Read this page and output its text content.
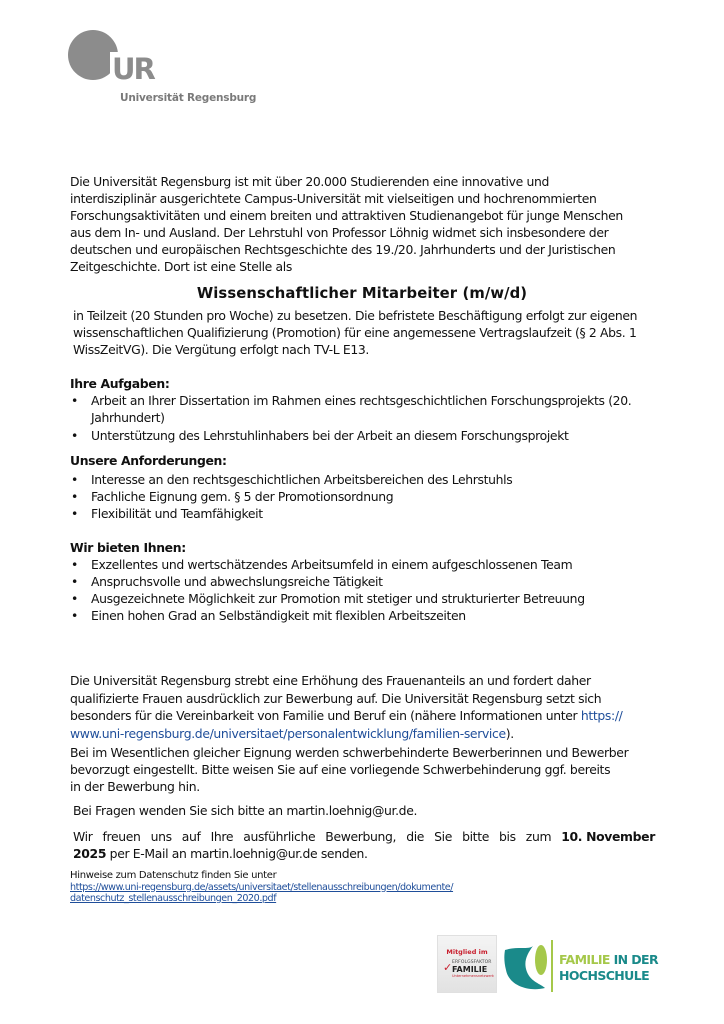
UR
Universität Regensburg
Die Universität Regensburg ist mit über 20.000 Studierenden eine innovative und
interdisziplinär ausgerichtete Campus-Universität mit vielseitigen und hochrenommierten
Forschungsaktivitäten und einem breiten und attraktiven Studienangebot für junge Menschen
aus dem In- und Ausland. Der Lehrstuhl von Professor Löhnig widmet sich insbesondere der
deutschen und europäischen Rechtsgeschichte des 19./20. Jahrhunderts und der Juristischen
Zeitgeschichte. Dort ist eine Stelle als
Wissenschaftlicher Mitarbeiter (m/w/d)
in Teilzeit (20 Stunden pro Woche) zu besetzen. Die befristete Beschäftigung erfolgt zur eigenen
wissenschaftlichen Qualifizierung (Promotion) für eine angemessene Vertragslaufzeit (§ 2 Abs. 1
WissZeitVG). Die Vergütung erfolgt nach TV-L E13.
Ihre Aufgaben:
• Arbeit an Ihrer Dissertation im Rahmen eines rechtsgeschichtlichen Forschungsprojekts (20.
Jahrhundert)
• Unterstützung des Lehrstuhlinhabers bei der Arbeit an diesem Forschungsprojekt
Unsere Anforderungen:
• Interesse an den rechtsgeschichtlichen Arbeitsbereichen des Lehrstuhls
• Fachliche Eignung gem. § 5 der Promotionsordnung
• Flexibilität und Teamfähigkeit
Wir bieten Ihnen:
• Exzellentes und wertschätzendes Arbeitsumfeld in einem aufgeschlossenen Team
• Anspruchsvolle und abwechslungsreiche Tätigkeit
• Ausgezeichnete Möglichkeit zur Promotion mit stetiger und strukturierter Betreuung
• Einen hohen Grad an Selbständigkeit mit flexiblen Arbeitszeiten
Die Universität Regensburg strebt eine Erhöhung des Frauenanteils an und fordert daher
qualifizierte Frauen ausdrücklich zur Bewerbung auf. Die Universität Regensburg setzt sich
besonders für die Vereinbarkeit von Familie und Beruf ein (nähere Informationen unter https://
www.uni-regensburg.de/universitaet/personalentwicklung/familien-service).
Bei im Wesentlichen gleicher Eignung werden schwerbehinderte Bewerberinnen und Bewerber
bevorzugt eingestellt. Bitte weisen Sie auf eine vorliegende Schwerbehinderung ggf. bereits
in der Bewerbung hin.
Bei Fragen wenden Sie sich bitte an martin.loehnig@ur.de.
Wir freuen uns auf Ihre ausführliche Bewerbung, die Sie bitte bis zum 10. November
2025 per E-Mail an martin.loehnig@ur.de senden.
Hinweise zum Datenschutz finden Sie unter
https://www.uni-regensburg.de/assets/universitaet/stellenausschreibungen/dokumente/
datenschutz_stellenausschreibungen_2020.pdf
Mitglied im
✓ ERFOLGSFAKTOR
FAMILIE
Unternehmensnetzwerk
FAMILIE IN DER
HOCHSCHULE
